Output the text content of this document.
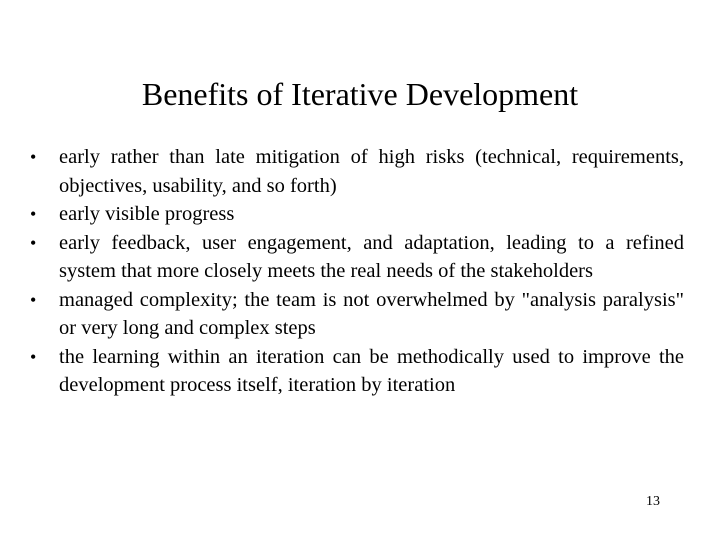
Benefits of Iterative Development
• early rather than late mitigation of high risks (technical, requirements, objectives, usability, and so forth)
• early visible progress
• early feedback, user engagement, and adaptation, leading to a refined system that more closely meets the real needs of the stakeholders
• managed complexity; the team is not overwhelmed by "analysis paralysis" or very long and complex steps
• the learning within an iteration can be methodically used to improve the development process itself, iteration by iteration
13
